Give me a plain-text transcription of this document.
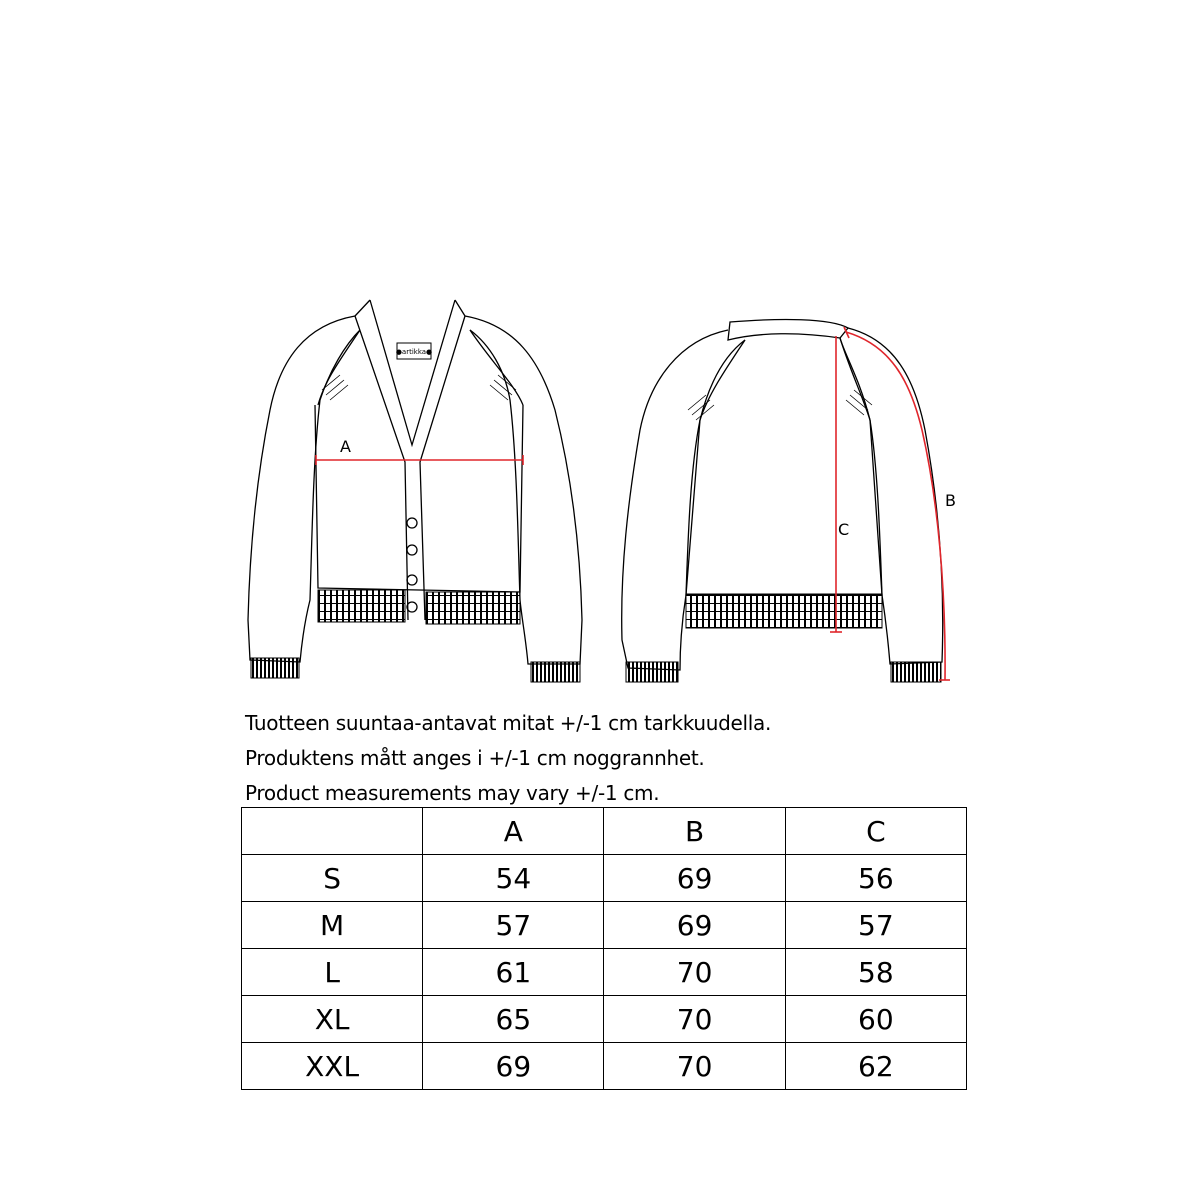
●artikka●
A
C
B
Tuotteen suuntaa-antavat mitat +/-1 cm tarkkuudella.
Produktens mått anges i +/-1 cm noggrannhet.
Product measurements may vary +/-1 cm.
	A	B	C
S	54	69	56
M	57	69	57
L	61	70	58
XL	65	70	60
XXL	69	70	62
